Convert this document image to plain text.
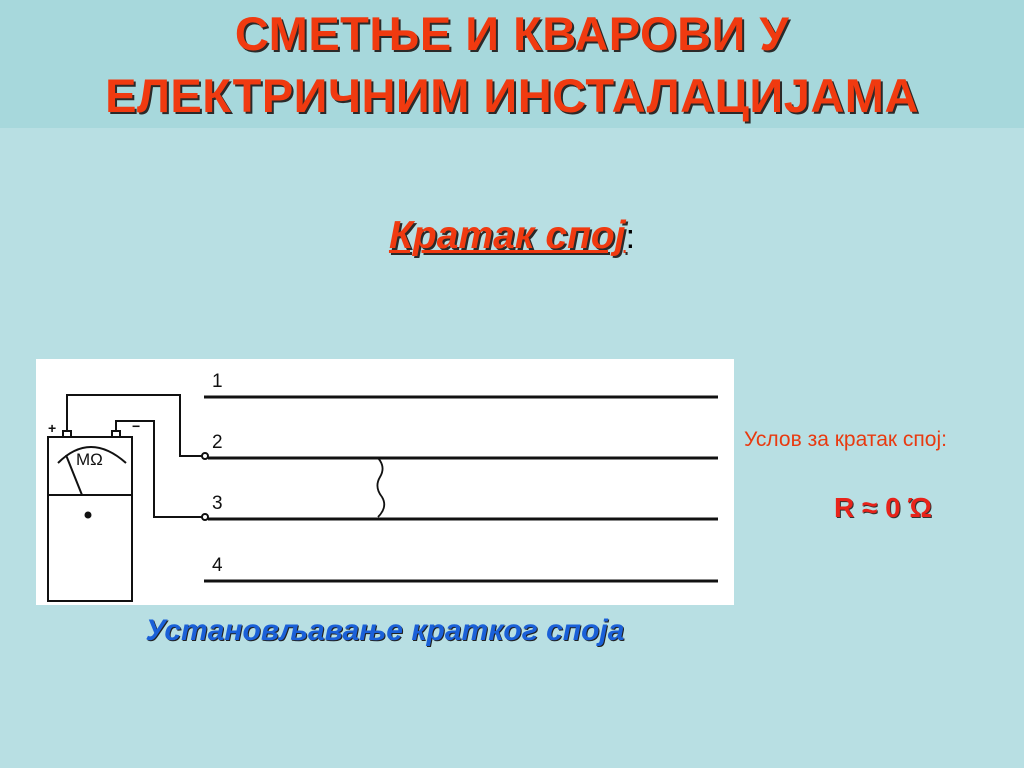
СМЕТЊЕ И КВАРОВИ У
ЕЛЕКТРИЧНИМ ИНСТАЛАЦИЈАМА
Кратак спој:
MΩ
+	−
1
2
3
4
Установљавање кратког споја
Услов за кратак спој:
R ≈ 0 Ώ
